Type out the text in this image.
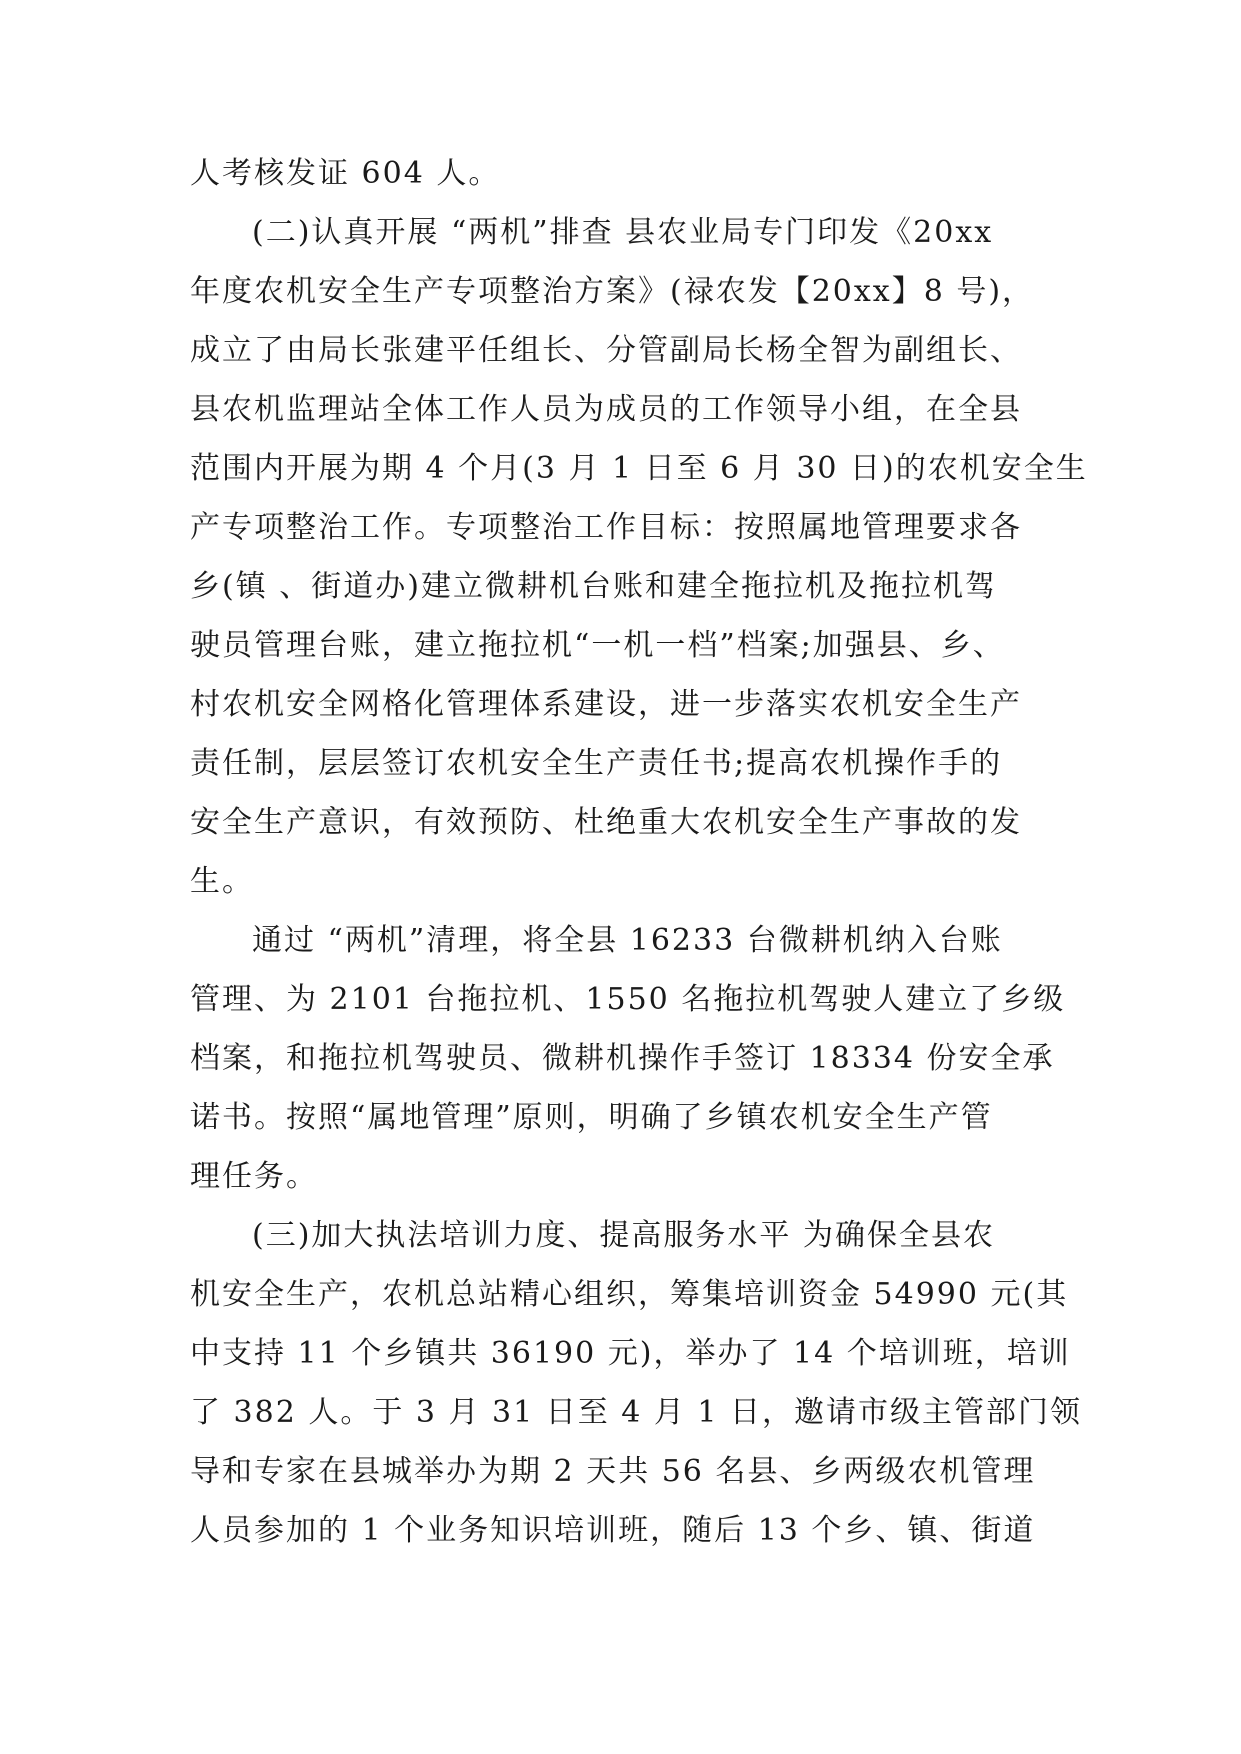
人考核发证 604 人。
(二)认真开展 “两机”排查 县农业局专门印发《20xx
年度农机安全生产专项整治方案》(禄农发【20xx】8 号)，
成立了由局长张建平任组长、分管副局长杨全智为副组长、
县农机监理站全体工作人员为成员的工作领导小组，在全县
范围内开展为期 4 个月(3 月 1 日至 6 月 30 日)的农机安全生
产专项整治工作。专项整治工作目标：按照属地管理要求各
乡(镇 、街道办)建立微耕机台账和建全拖拉机及拖拉机驾
驶员管理台账，建立拖拉机“一机一档”档案;加强县、乡、
村农机安全网格化管理体系建设，进一步落实农机安全生产
责任制，层层签订农机安全生产责任书;提高农机操作手的
安全生产意识，有效预防、杜绝重大农机安全生产事故的发
生。
通过 “两机”清理，将全县 16233 台微耕机纳入台账
管理、为 2101 台拖拉机、1550 名拖拉机驾驶人建立了乡级
档案，和拖拉机驾驶员、微耕机操作手签订 18334 份安全承
诺书。按照“属地管理”原则，明确了乡镇农机安全生产管
理任务。
(三)加大执法培训力度、提高服务水平 为确保全县农
机安全生产，农机总站精心组织，筹集培训资金 54990 元(其
中支持 11 个乡镇共 36190 元)，举办了 14 个培训班，培训
了 382 人。于 3 月 31 日至 4 月 1 日，邀请市级主管部门领
导和专家在县城举办为期 2 天共 56 名县、乡两级农机管理
人员参加的 1 个业务知识培训班，随后 13 个乡、镇、街道
